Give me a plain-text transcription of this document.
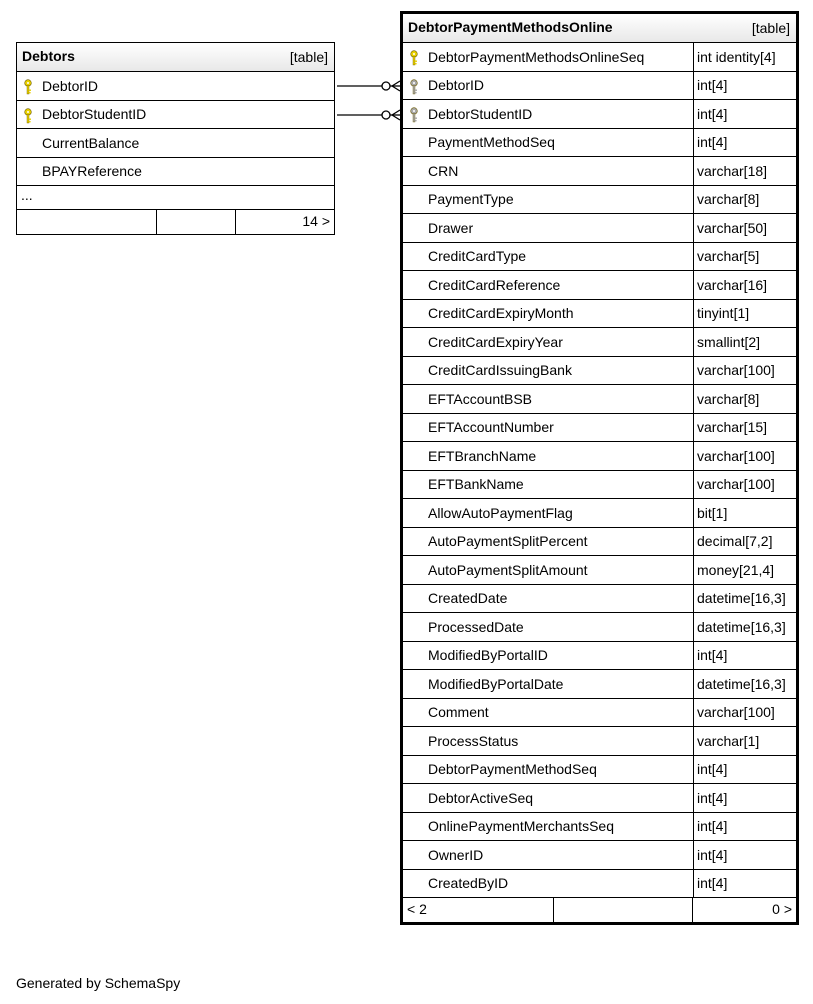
Debtors	[table]
DebtorID
DebtorStudentID
CurrentBalance
BPAYReference
...
14 >
DebtorPaymentMethodsOnline	[table]
DebtorPaymentMethodsOnlineSeq	int identity[4]
DebtorID	int[4]
DebtorStudentID	int[4]
PaymentMethodSeq	int[4]
CRN	varchar[18]
PaymentType	varchar[8]
Drawer	varchar[50]
CreditCardType	varchar[5]
CreditCardReference	varchar[16]
CreditCardExpiryMonth	tinyint[1]
CreditCardExpiryYear	smallint[2]
CreditCardIssuingBank	varchar[100]
EFTAccountBSB	varchar[8]
EFTAccountNumber	varchar[15]
EFTBranchName	varchar[100]
EFTBankName	varchar[100]
AllowAutoPaymentFlag	bit[1]
AutoPaymentSplitPercent	decimal[7,2]
AutoPaymentSplitAmount	money[21,4]
CreatedDate	datetime[16,3]
ProcessedDate	datetime[16,3]
ModifiedByPortalID	int[4]
ModifiedByPortalDate	datetime[16,3]
Comment	varchar[100]
ProcessStatus	varchar[1]
DebtorPaymentMethodSeq	int[4]
DebtorActiveSeq	int[4]
OnlinePaymentMerchantsSeq	int[4]
OwnerID	int[4]
CreatedByID	int[4]
< 2	0 >
Generated by SchemaSpy
